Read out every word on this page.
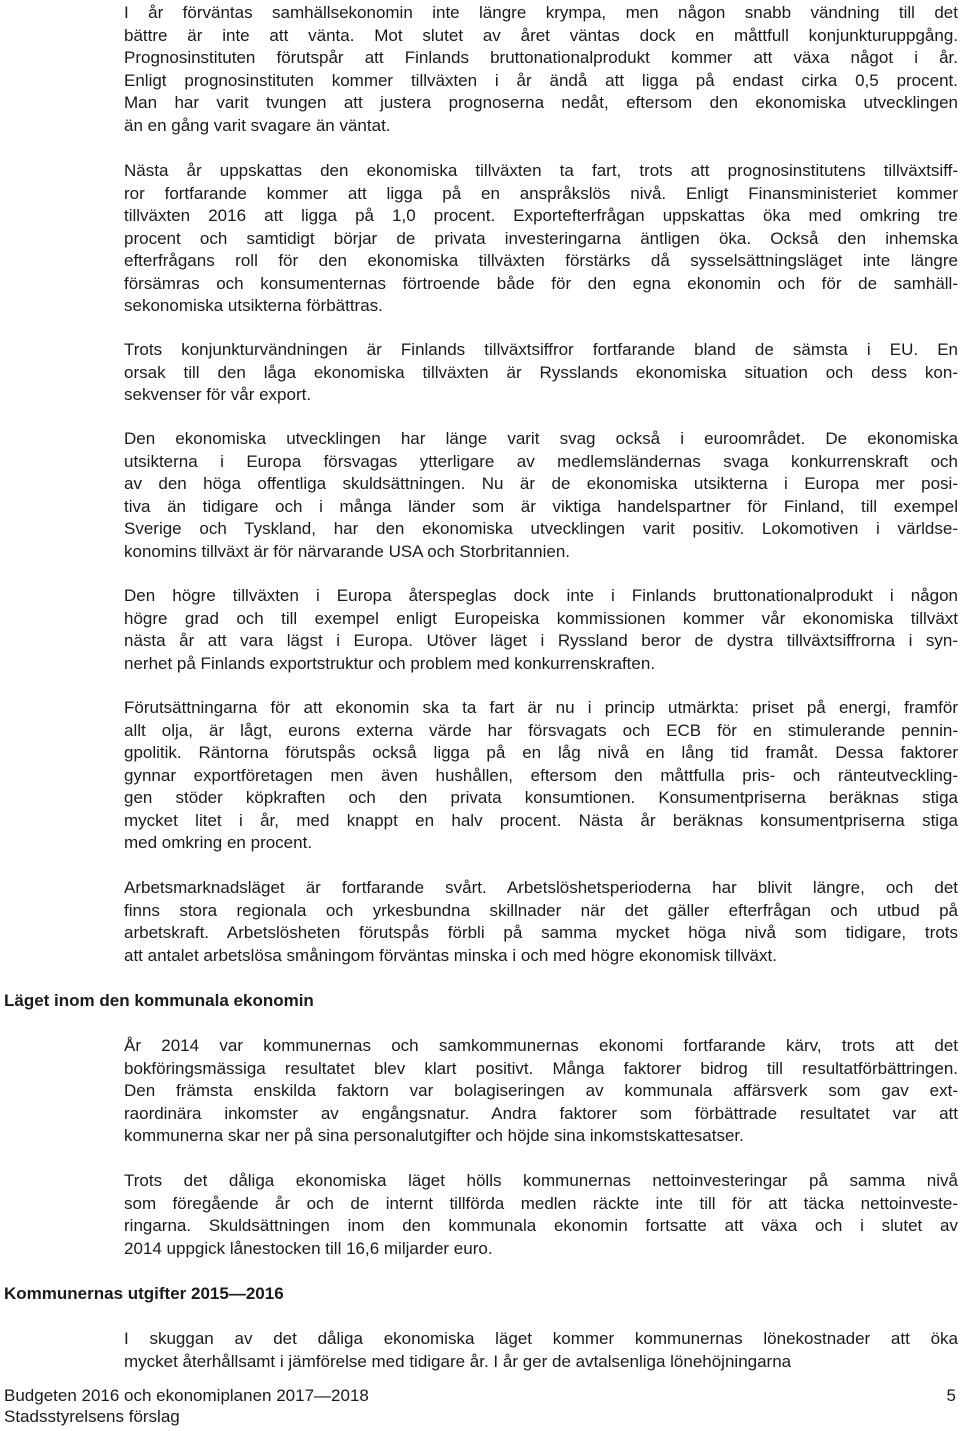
I år förväntas samhällsekonomin inte längre krympa, men någon snabb vändning till det
bättre är inte att vänta. Mot slutet av året väntas dock en måttfull konjunkturuppgång.
Prognosinstituten förutspår att Finlands bruttonationalprodukt kommer att växa något i år.
Enligt prognosinstituten kommer tillväxten i år ändå att ligga på endast cirka 0,5 procent.
Man har varit tvungen att justera prognoserna nedåt, eftersom den ekonomiska utvecklingen
än en gång varit svagare än väntat.
Nästa år uppskattas den ekonomiska tillväxten ta fart, trots att prognosinstitutens tillväxtsiff-
ror fortfarande kommer att ligga på en anspråkslös nivå. Enligt Finansministeriet kommer
tillväxten 2016 att ligga på 1,0 procent. Exportefterfrågan uppskattas öka med omkring tre
procent och samtidigt börjar de privata investeringarna äntligen öka. Också den inhemska
efterfrågans roll för den ekonomiska tillväxten förstärks då sysselsättningsläget inte längre
försämras och konsumenternas förtroende både för den egna ekonomin och för de samhäll-
sekonomiska utsikterna förbättras.
Trots konjunkturvändningen är Finlands tillväxtsiffror fortfarande bland de sämsta i EU. En
orsak till den låga ekonomiska tillväxten är Rysslands ekonomiska situation och dess kon-
sekvenser för vår export.
Den ekonomiska utvecklingen har länge varit svag också i euroområdet. De ekonomiska
utsikterna i Europa försvagas ytterligare av medlemsländernas svaga konkurrenskraft och
av den höga offentliga skuldsättningen. Nu är de ekonomiska utsikterna i Europa mer posi-
tiva än tidigare och i många länder som är viktiga handelspartner för Finland, till exempel
Sverige och Tyskland, har den ekonomiska utvecklingen varit positiv. Lokomotiven i världse-
konomins tillväxt är för närvarande USA och Storbritannien.
Den högre tillväxten i Europa återspeglas dock inte i Finlands bruttonationalprodukt i någon
högre grad och till exempel enligt Europeiska kommissionen kommer vår ekonomiska tillväxt
nästa år att vara lägst i Europa. Utöver läget i Ryssland beror de dystra tillväxtsiffrorna i syn-
nerhet på Finlands exportstruktur och problem med konkurrenskraften.
Förutsättningarna för att ekonomin ska ta fart är nu i princip utmärkta: priset på energi, framför
allt olja, är lågt, eurons externa värde har försvagats och ECB för en stimulerande pennin-
gpolitik. Räntorna förutspås också ligga på en låg nivå en lång tid framåt. Dessa faktorer
gynnar exportföretagen men även hushållen, eftersom den måttfulla pris- och ränteutveckling-
gen stöder köpkraften och den privata konsumtionen. Konsumentpriserna beräknas stiga
mycket litet i år, med knappt en halv procent. Nästa år beräknas konsumentpriserna stiga
med omkring en procent.
Arbetsmarknadsläget är fortfarande svårt. Arbetslöshetsperioderna har blivit längre, och det
finns stora regionala och yrkesbundna skillnader när det gäller efterfrågan och utbud på
arbetskraft. Arbetslösheten förutspås förbli på samma mycket höga nivå som tidigare, trots
att antalet arbetslösa småningom förväntas minska i och med högre ekonomisk tillväxt.
Läget inom den kommunala ekonomin
År 2014 var kommunernas och samkommunernas ekonomi fortfarande kärv, trots att det
bokföringsmässiga resultatet blev klart positivt. Många faktorer bidrog till resultatförbättringen.
Den främsta enskilda faktorn var bolagiseringen av kommunala affärsverk som gav ext-
raordinära inkomster av engångsnatur. Andra faktorer som förbättrade resultatet var att
kommunerna skar ner på sina personalutgifter och höjde sina inkomstskattesatser.
Trots det dåliga ekonomiska läget hölls kommunernas nettoinvesteringar på samma nivå
som föregående år och de internt tillförda medlen räckte inte till för att täcka nettoinveste-
ringarna. Skuldsättningen inom den kommunala ekonomin fortsatte att växa och i slutet av
2014 uppgick lånestocken till 16,6 miljarder euro.
Kommunernas utgifter 2015—2016
I skuggan av det dåliga ekonomiska läget kommer kommunernas lönekostnader att öka
mycket återhållsamt i jämförelse med tidigare år. I år ger de avtalsenliga lönehöjningarna
Budgeten 2016 och ekonomiplanen 2017—2018
Stadsstyrelsens förslag
5
